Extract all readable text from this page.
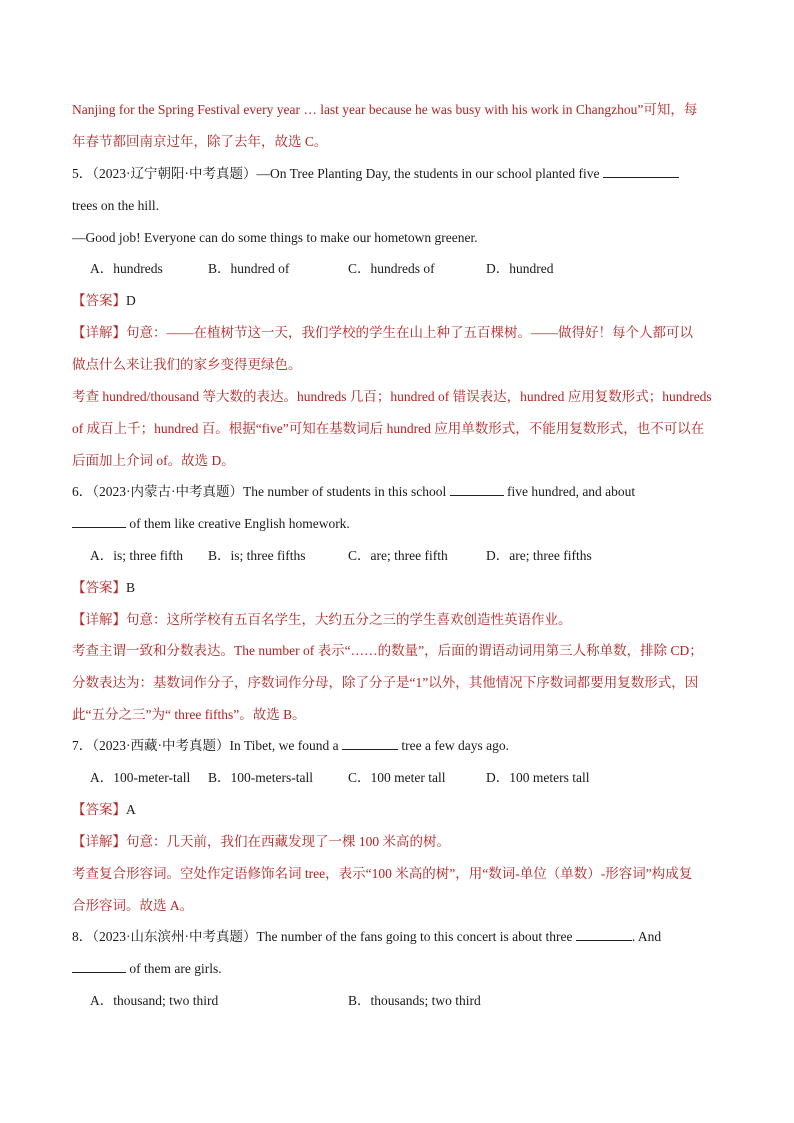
Nanjing for the Spring Festival every year … last year because he was busy with his work in Changzhou”可知，每
年春节都回南京过年，除了去年，故选 C。
5．（2023·辽宁朝阳·中考真题）—On Tree Planting Day, the students in our school planted five
trees on the hill.
—Good job! Everyone can do some things to make our hometown greener.
A．hundreds	B．hundred of	C．hundreds of	D．hundred
【答案】D
【详解】句意：——在植树节这一天，我们学校的学生在山上种了五百棵树。——做得好！每个人都可以
做点什么来让我们的家乡变得更绿色。
考查 hundred/thousand 等大数的表达。hundreds 几百；hundred of 错误表达，hundred 应用复数形式；hundreds
of 成百上千；hundred 百。根据“five”可知在基数词后 hundred 应用单数形式，不能用复数形式，也不可以在
后面加上介词 of。故选 D。
6．（2023·内蒙古·中考真题）The number of students in this school	five hundred, and about
of them like creative English homework.
A．is; three fifth B．is; three fifths	C．are; three fifth	D．are; three fifths
【答案】B
【详解】句意：这所学校有五百名学生，大约五分之三的学生喜欢创造性英语作业。
考查主谓一致和分数表达。The number of 表示“……的数量”，后面的谓语动词用第三人称单数，排除 CD；
分数表达为：基数词作分子，序数词作分母，除了分子是“1”以外，其他情况下序数词都要用复数形式，因
此“五分之三”为“ three fifths”。故选 B。
7．（2023·西藏·中考真题）In Tibet, we found a	tree a few days ago.
A．100-meter-tall B．100-meters-tall	C．100 meter tall	D．100 meters tall
【答案】A
【详解】句意：几天前，我们在西藏发现了一棵 100 米高的树。
考查复合形容词。空处作定语修饰名词 tree，表示“100 米高的树”，用“数词-单位（单数）-形容词”构成复
合形容词。故选 A。
8．（2023·山东滨州·中考真题）The number of the fans going to this concert is about three	. And
of them are girls.
A．thousand; two third	B．thousands; two third
